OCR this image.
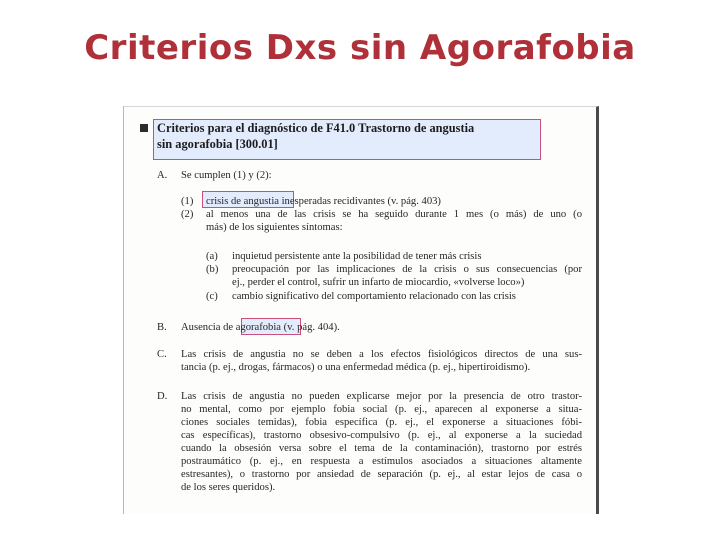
Criterios Dxs sin Agorafobia
Criterios para el diagnóstico de F41.0 Trastorno de angustia
sin agorafobia [300.01]
A. Se cumplen (1) y (2):
(1) crisis de angustia inesperadas recidivantes (v. pág. 403)
(2) al menos una de las crisis se ha seguido durante 1 mes (o más) de uno (o
más) de los siguientes síntomas:
(a) inquietud persistente ante la posibilidad de tener más crisis
(b) preocupación por las implicaciones de la crisis o sus consecuencias (por
ej., perder el control, sufrir un infarto de miocardio, «volverse loco»)
(c) cambio significativo del comportamiento relacionado con las crisis
B. Ausencia de agorafobia (v. pág. 404).
C. Las crisis de angustia no se deben a los efectos fisiológicos directos de una sus-
tancia (p. ej., drogas, fármacos) o una enfermedad médica (p. ej., hipertiroidismo).
D. Las crisis de angustia no pueden explicarse mejor por la presencia de otro trastor-
no mental, como por ejemplo fobia social (p. ej., aparecen al exponerse a situa-
ciones sociales temidas), fobia específica (p. ej., el exponerse a situaciones fóbi-
cas específicas), trastorno obsesivo-compulsivo (p. ej., al exponerse a la suciedad
cuando la obsesión versa sobre el tema de la contaminación), trastorno por estrés
postraumático (p. ej., en respuesta a estímulos asociados a situaciones altamente
estresantes), o trastorno por ansiedad de separación (p. ej., al estar lejos de casa o
de los seres queridos).
